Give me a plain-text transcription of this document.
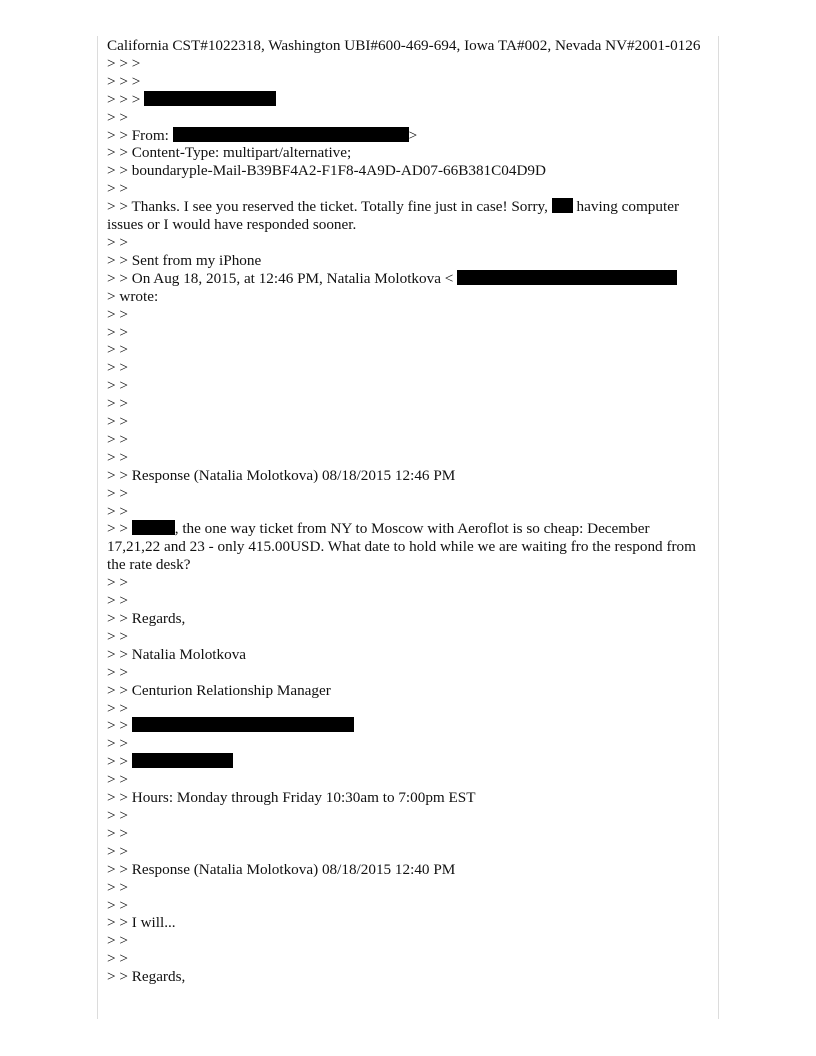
California CST#1022318, Washington UBI#600-469-694, Iowa TA#002, Nevada NV#2001-0126
> > >
> > >
> > >
> >
> > From:	>
> > Content-Type: multipart/alternative;
> > boundaryple-Mail-B39BF4A2-F1F8-4A9D-AD07-66B381C04D9D
> >
> > Thanks. I see you reserved the ticket. Totally fine just in case! Sorry,  having computer issues or I would have responded sooner.
> >
> > Sent from my iPhone
> > On Aug 18, 2015, at 12:46 PM, Natalia Molotkova <
> wrote:
> >
> >
> >
> >
> >
> >
> >
> >
> >
> > Response (Natalia Molotkova) 08/18/2015 12:46 PM
> >
> >
> >	, the one way ticket from NY to Moscow with Aeroflot is so cheap: December 17,21,22 and 23 - only 415.00USD. What date to hold while we are waiting fro the respond from the rate desk?
> >
> >
> > Regards,
> >
> > Natalia Molotkova
> >
> > Centurion Relationship Manager
> >
> >
> >
> >
> >
> > Hours: Monday through Friday 10:30am to 7:00pm EST
> >
> >
> >
> > Response (Natalia Molotkova) 08/18/2015 12:40 PM
> >
> >
> > I will...
> >
> >
> > Regards,
